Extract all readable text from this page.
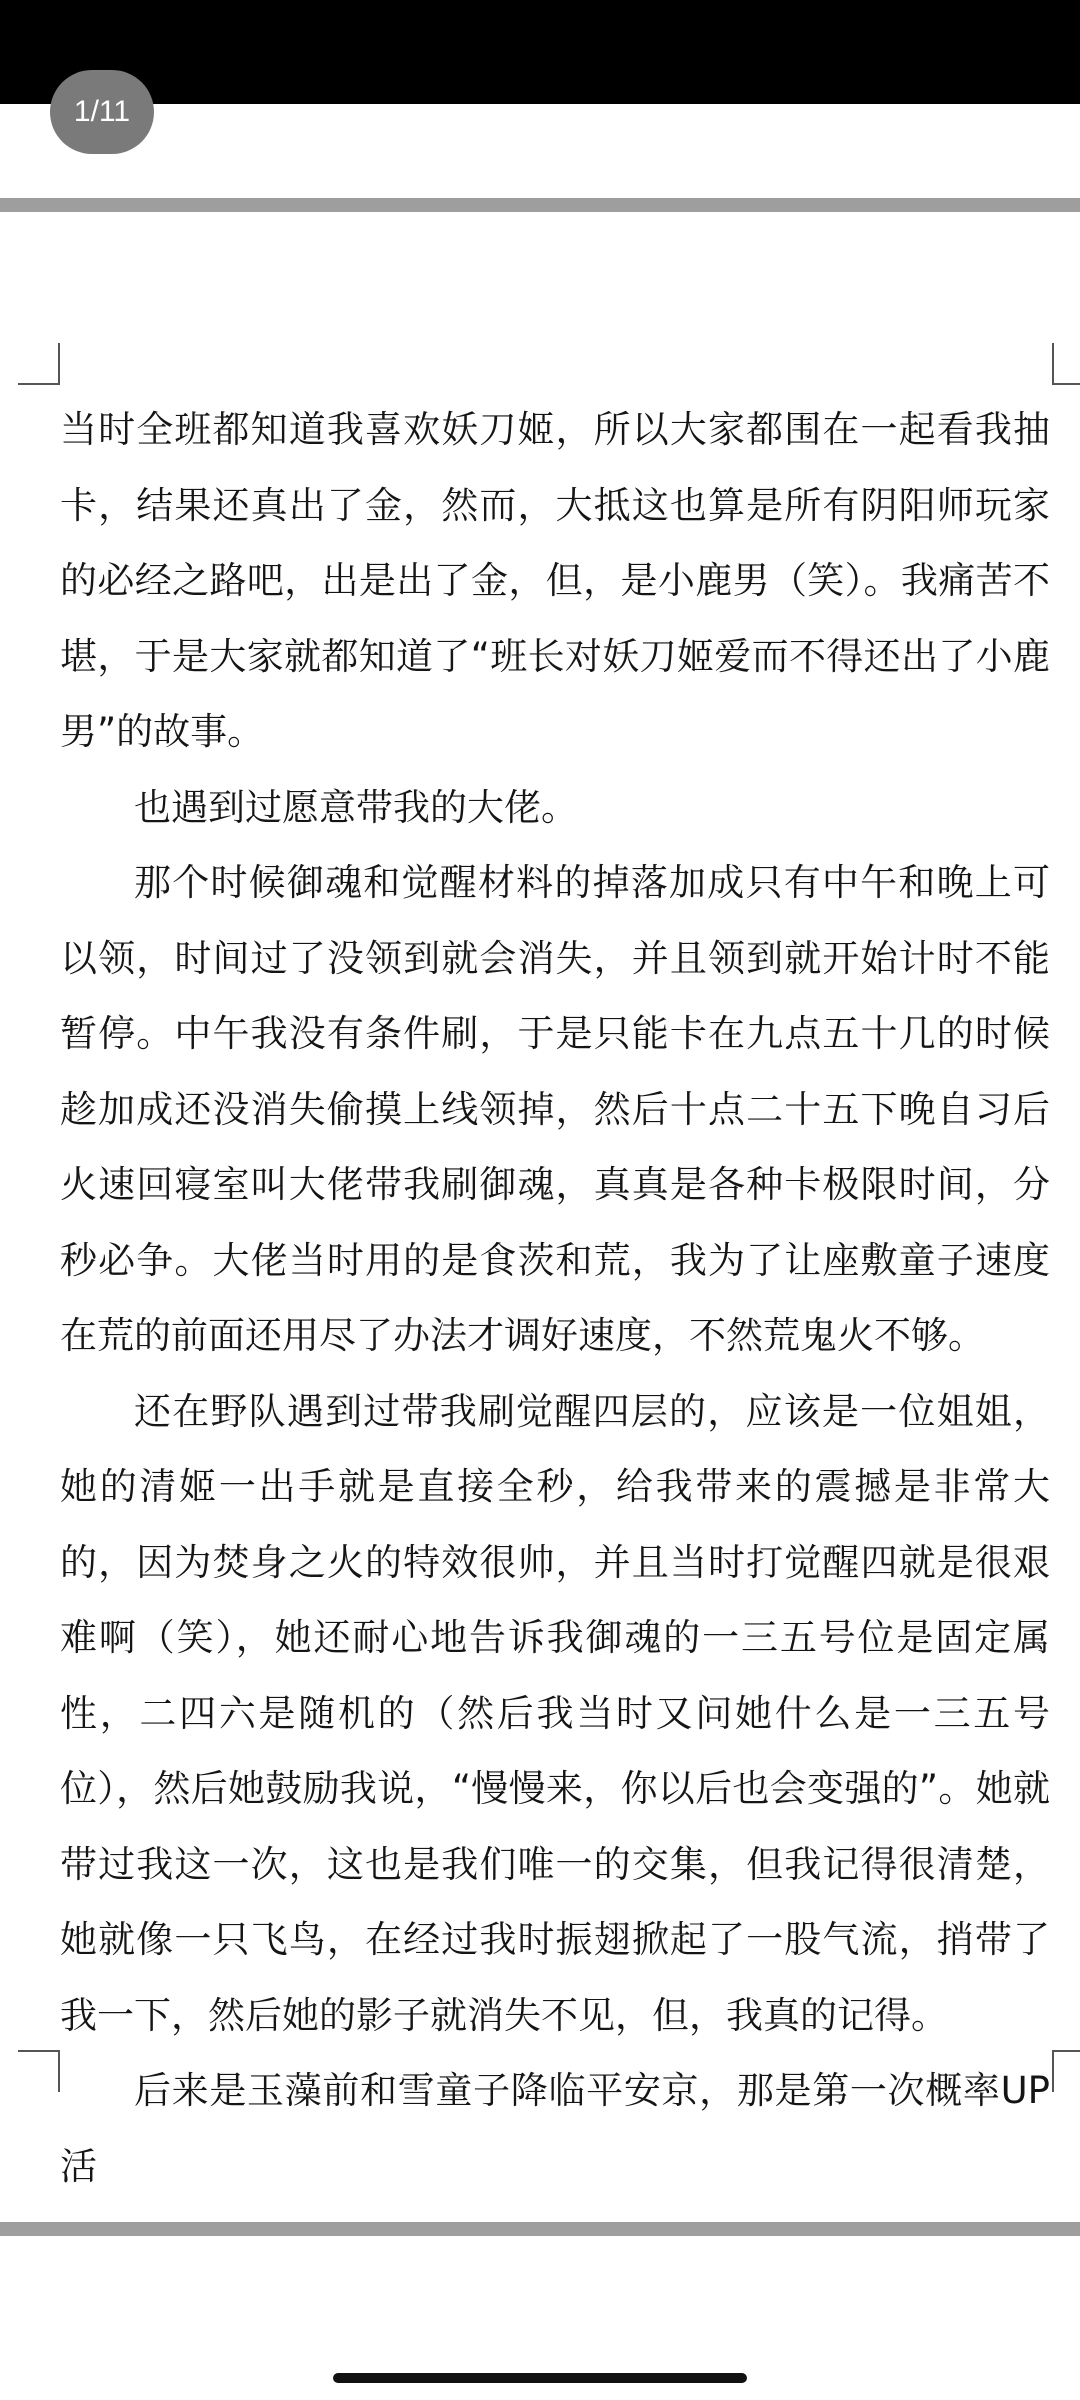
1/11

当时全班都知道我喜欢妖刀姬，所以大家都围在一起看我抽卡，结果还真出了金，然而，大抵这也算是所有阴阳师玩家的必经之路吧，出是出了金，但，是小鹿男（笑）。我痛苦不堪，于是大家就都知道了“班长对妖刀姬爱而不得还出了小鹿男”的故事。

也遇到过愿意带我的大佬。

那个时候御魂和觉醒材料的掉落加成只有中午和晚上可以领，时间过了没领到就会消失，并且领到就开始计时不能暂停。中午我没有条件刷，于是只能卡在九点五十几的时候趁加成还没消失偷摸上线领掉，然后十点二十五下晚自习后火速回寝室叫大佬带我刷御魂，真真是各种卡极限时间，分秒必争。大佬当时用的是食茨和荒，我为了让座敷童子速度在荒的前面还用尽了办法才调好速度，不然荒鬼火不够。

还在野队遇到过带我刷觉醒四层的，应该是一位姐姐，她的清姬一出手就是直接全秒，给我带来的震撼是非常大的，因为焚身之火的特效很帅，并且当时打觉醒四就是很艰难啊（笑），她还耐心地告诉我御魂的一三五号位是固定属性，二四六是随机的（然后我当时又问她什么是一三五号位），然后她鼓励我说，“慢慢来，你以后也会变强的”。她就带过我这一次，这也是我们唯一的交集，但我记得很清楚，她就像一只飞鸟，在经过我时振翅掀起了一股气流，捎带了我一下，然后她的影子就消失不见，但，我真的记得。

后来是玉藻前和雪童子降临平安京，那是第一次概率UP活
